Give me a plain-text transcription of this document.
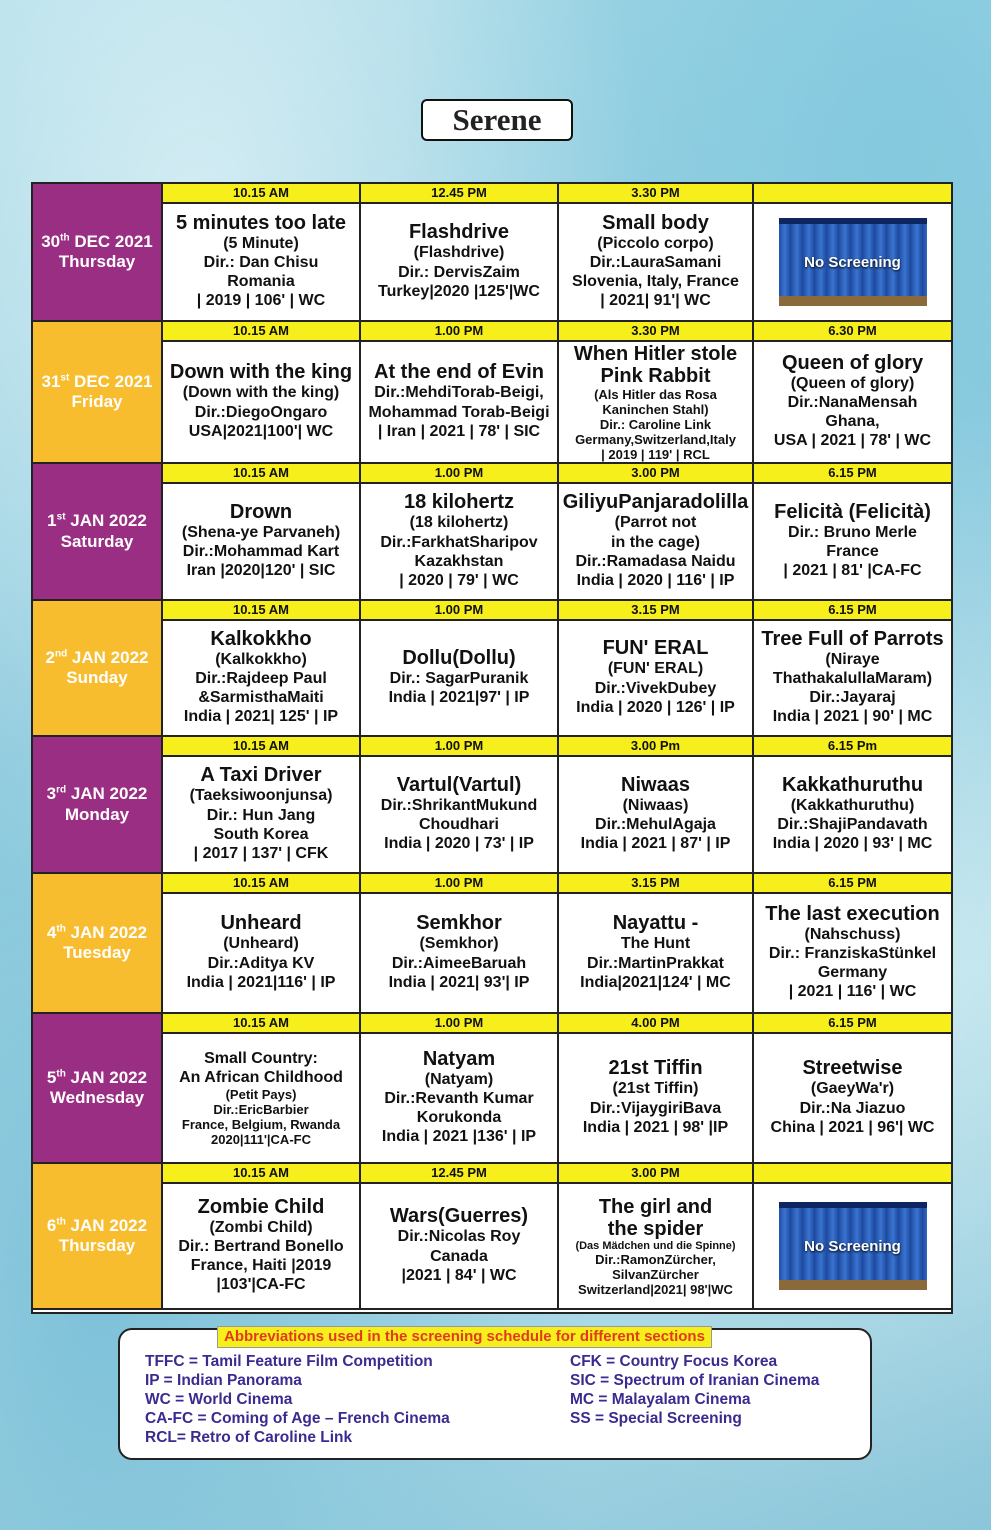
Serene
30th DEC 2021
Thursday
10.15 AM
5 minutes too late
(5 Minute)
Dir.: Dan Chisu
Romania
| 2019 | 106' | WC
12.45 PM
Flashdrive
(Flashdrive)
Dir.: DervisZaim
Turkey|2020 |125'|WC
3.30 PM
Small body
(Piccolo corpo)
Dir.:LauraSamani
Slovenia, Italy, France
| 2021| 91'| WC
No Screening
31st DEC 2021
Friday
10.15 AM
Down with the king
(Down with the king)
Dir.:DiegoOngaro
USA|2021|100'| WC
1.00 PM
At the end of Evin
Dir.:MehdiTorab-Beigi,
Mohammad Torab-Beigi
| Iran | 2021 | 78' | SIC
3.30 PM
When Hitler stole
Pink Rabbit
(Als Hitler das Rosa
Kaninchen Stahl)
Dir.: Caroline Link
Germany,Switzerland,Italy
| 2019 | 119' | RCL
6.30 PM
Queen of glory
(Queen of glory)
Dir.:NanaMensah
Ghana,
USA | 2021 | 78' | WC
1st JAN 2022
Saturday
10.15 AM
Drown
(Shena-ye Parvaneh)
Dir.:Mohammad Kart
Iran |2020|120' | SIC
1.00 PM
18 kilohertz
(18 kilohertz)
Dir.:FarkhatSharipov
Kazakhstan
| 2020 | 79' | WC
3.00 PM
GiliyuPanjaradolilla
(Parrot not
in the cage)
Dir.:Ramadasa Naidu
India | 2020 | 116' | IP
6.15 PM
Felicità (Felicità)
Dir.: Bruno Merle
France
| 2021 | 81' |CA-FC
2nd JAN 2022
Sunday
10.15 AM
Kalkokkho
(Kalkokkho)
Dir.:Rajdeep Paul
&SarmisthaMaiti
India | 2021| 125' | IP
1.00 PM
Dollu(Dollu)
Dir.: SagarPuranik
India | 2021|97' | IP
3.15 PM
FUN' ERAL
(FUN' ERAL)
Dir.:VivekDubey
India | 2020 | 126' | IP
6.15 PM
Tree Full of Parrots
(Niraye
ThathakalullaMaram)
Dir.:Jayaraj
India | 2021 | 90' | MC
3rd JAN 2022
Monday
10.15 AM
A Taxi Driver
(Taeksiwoonjunsa)
Dir.: Hun Jang
South Korea
| 2017 | 137' | CFK
1.00 PM
Vartul(Vartul)
Dir.:ShrikantMukund
Choudhari
India | 2020 | 73' | IP
3.00 Pm
Niwaas
(Niwaas)
Dir.:MehulAgaja
India | 2021 | 87' | IP
6.15 Pm
Kakkathuruthu
(Kakkathuruthu)
Dir.:ShajiPandavath
India | 2020 | 93' | MC
4th JAN 2022
Tuesday
10.15 AM
Unheard
(Unheard)
Dir.:Aditya KV
India | 2021|116' | IP
1.00 PM
Semkhor
(Semkhor)
Dir.:AimeeBaruah
India | 2021| 93'| IP
3.15 PM
Nayattu -
The Hunt
Dir.:MartinPrakkat
India|2021|124' | MC
6.15 PM
The last execution
(Nahschuss)
Dir.: FranziskaStünkel
Germany
| 2021 | 116' | WC
5th JAN 2022
Wednesday
10.15 AM
Small Country:
An African Childhood
(Petit Pays)
Dir.:EricBarbier
France, Belgium, Rwanda
2020|111'|CA-FC
1.00 PM
Natyam
(Natyam)
Dir.:Revanth Kumar
Korukonda
India | 2021 |136' | IP
4.00 PM
21st Tiffin
(21st Tiffin)
Dir.:VijaygiriBava
India | 2021 | 98' |IP
6.15 PM
Streetwise
(GaeyWa'r)
Dir.:Na Jiazuo
China | 2021 | 96'| WC
6th JAN 2022
Thursday
10.15 AM
Zombie Child
(Zombi Child)
Dir.: Bertrand Bonello
France, Haiti |2019
|103'|CA-FC
12.45 PM
Wars(Guerres)
Dir.:Nicolas Roy
Canada
|2021 | 84' | WC
3.00 PM
The girl and
the spider
(Das Mädchen und die Spinne)
Dir.:RamonZürcher,
SilvanZürcher
Switzerland|2021| 98'|WC
No Screening
Abbreviations used in the screening schedule for different sections
TFFC = Tamil Feature Film Competition
IP = Indian Panorama
WC = World Cinema
CA-FC = Coming of Age – French Cinema
RCL= Retro of Caroline Link
CFK = Country Focus Korea
SIC = Spectrum of Iranian Cinema
MC = Malayalam Cinema
SS = Special Screening
